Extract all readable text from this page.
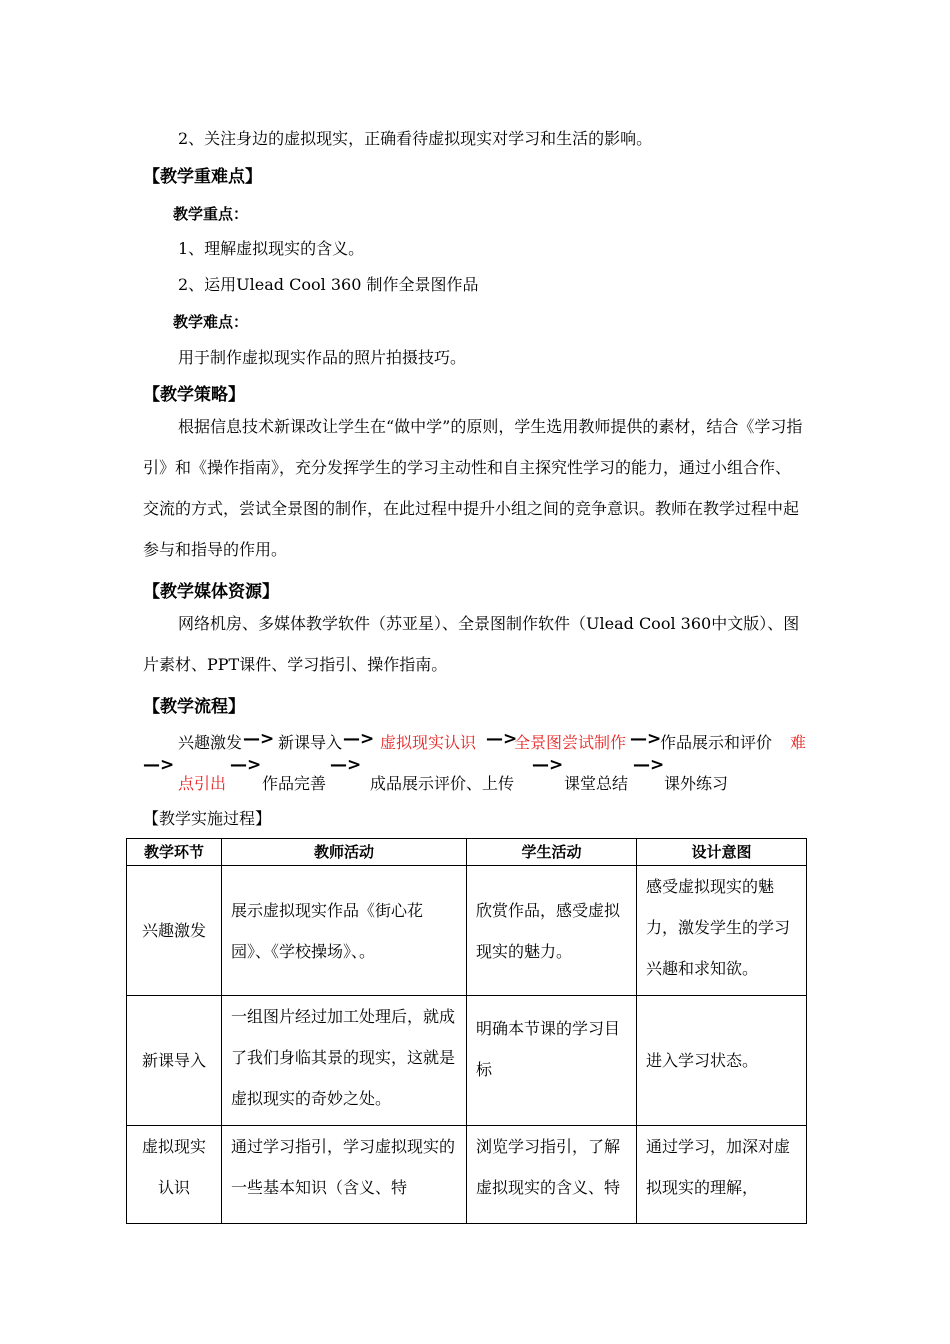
2、关注身边的虚拟现实，正确看待虚拟现实对学习和生活的影响。
【教学重难点】
教学重点：
1、理解虚拟现实的含义。
2、运用Ulead Cool 360 制作全景图作品
教学难点：
用于制作虚拟现实作品的照片拍摄技巧。
【教学策略】
根据信息技术新课改让学生在“做中学”的原则，学生选用教师提供的素材，结合《学习指引》和《操作指南》，充分发挥学生的学习主动性和自主探究性学习的能力，通过小组合作、交流的方式，尝试全景图的制作，在此过程中提升小组之间的竞争意识。教师在教学过程中起参与和指导的作用。
【教学媒体资源】
网络机房、多媒体教学软件（苏亚星）、全景图制作软件（Ulead Cool 360中文版）、图片素材、PPT课件、学习指引、操作指南。
【教学流程】
兴趣激发 —> 新课导入 —> 虚拟现实认识 —>
全景图尝试制作 —>
作品展示和评价 难
—>
点引出
—>
作品完善
—>
成品展示评价、上传
—>
课堂总结
—>
课外练习
【教学实施过程】
教学环节	教师活动	学生活动	设计意图
兴趣激发	展示虚拟现实作品《街心花园》、《学校操场》、。	欣赏作品，感受虚拟现实的魅力。	感受虚拟现实的魅力，激发学生的学习兴趣和求知欲。
新课导入	一组图片经过加工处理后，就成了我们身临其景的现实，这就是虚拟现实的奇妙之处。	明确本节课的学习目标	进入学习状态。
虚拟现实认识	通过学习指引，学习虚拟现实的一些基本知识（含义、特	浏览学习指引，了解虚拟现实的含义、特	通过学习，加深对虚拟现实的理解，
